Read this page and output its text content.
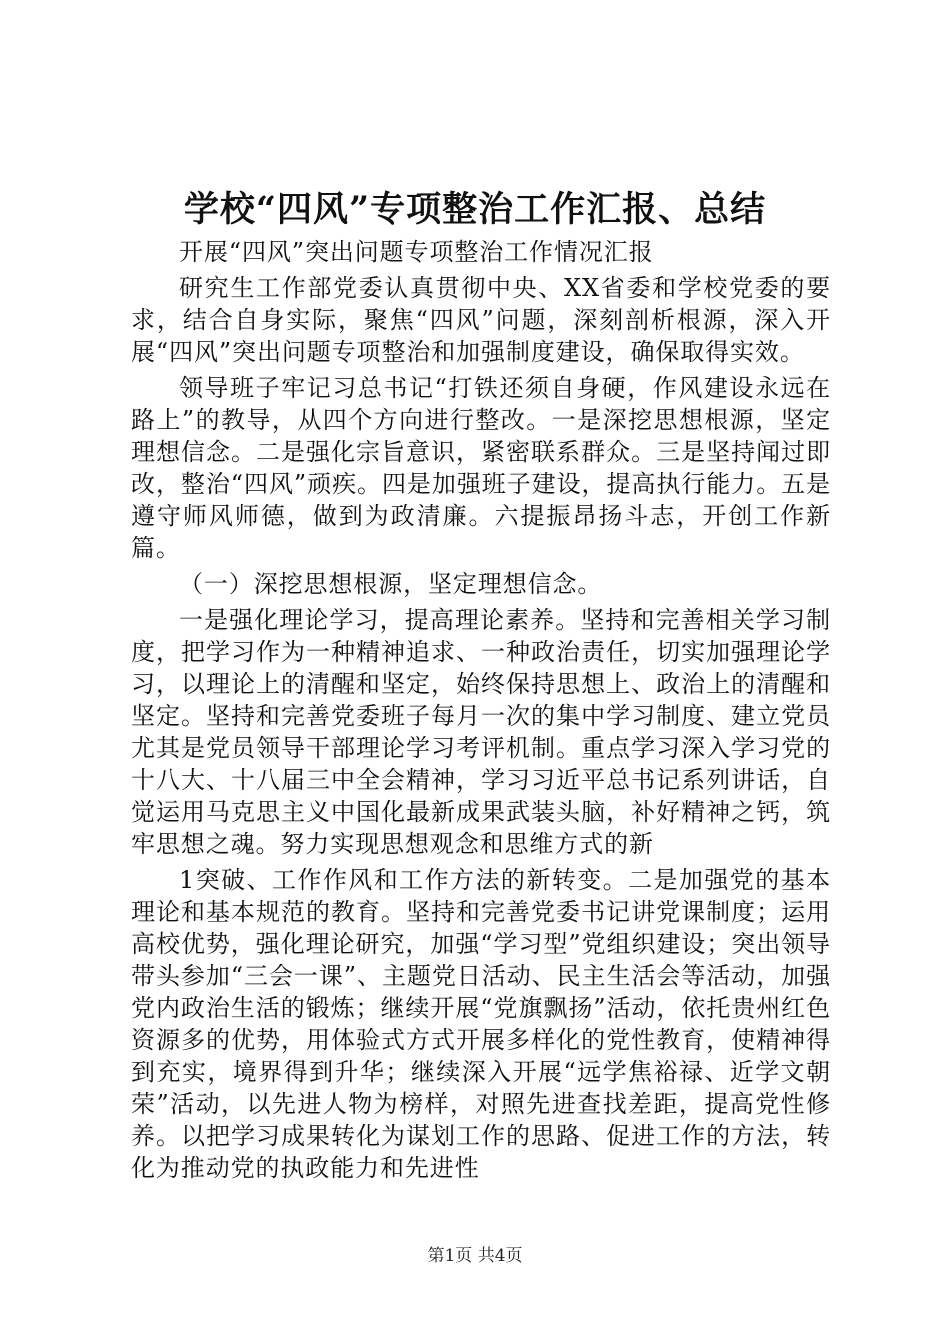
学校“四风”专项整治工作汇报、总结

开展“四风”突出问题专项整治工作情况汇报

研究生工作部党委认真贯彻中央、XX省委和学校党委的要求，结合自身实际，聚焦“四风”问题，深刻剖析根源，深入开展“四风”突出问题专项整治和加强制度建设，确保取得实效。

领导班子牢记习总书记“打铁还须自身硬，作风建设永远在路上”的教导，从四个方向进行整改。一是深挖思想根源，坚定理想信念。二是强化宗旨意识，紧密联系群众。三是坚持闻过即改，整治“四风”顽疾。四是加强班子建设，提高执行能力。五是遵守师风师德，做到为政清廉。六提振昂扬斗志，开创工作新篇。

（一）深挖思想根源，坚定理想信念。

一是强化理论学习，提高理论素养。坚持和完善相关学习制度，把学习作为一种精神追求、一种政治责任，切实加强理论学习，以理论上的清醒和坚定，始终保持思想上、政治上的清醒和坚定。坚持和完善党委班子每月一次的集中学习制度、建立党员尤其是党员领导干部理论学习考评机制。重点学习深入学习党的十八大、十八届三中全会精神，学习习近平总书记系列讲话，自觉运用马克思主义中国化最新成果武装头脑，补好精神之钙，筑牢思想之魂。努力实现思想观念和思维方式的新

1突破、工作作风和工作方法的新转变。二是加强党的基本理论和基本规范的教育。坚持和完善党委书记讲党课制度；运用高校优势，强化理论研究，加强“学习型”党组织建设；突出领导带头参加“三会一课”、主题党日活动、民主生活会等活动，加强党内政治生活的锻炼；继续开展“党旗飘扬”活动，依托贵州红色资源多的优势，用体验式方式开展多样化的党性教育，使精神得到充实，境界得到升华；继续深入开展“远学焦裕禄、近学文朝荣”活动，以先进人物为榜样，对照先进查找差距，提高党性修养。以把学习成果转化为谋划工作的思路、促进工作的方法，转化为推动党的执政能力和先进性

第1页 共4页
